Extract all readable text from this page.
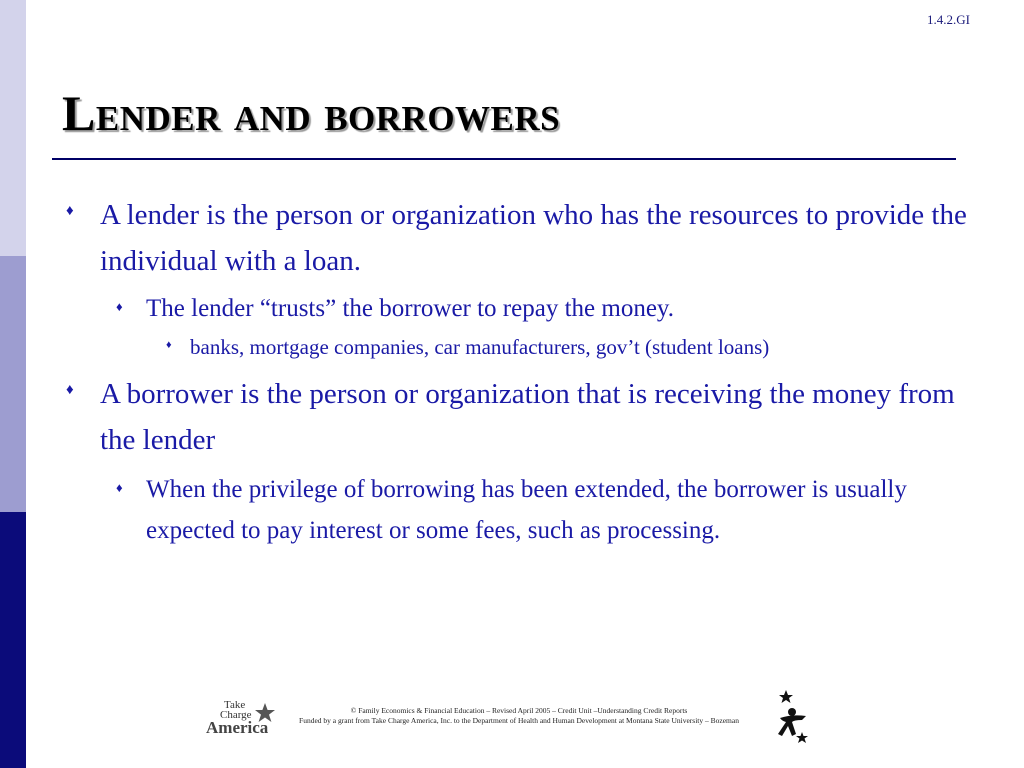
1.4.2.GI
Lender and borrowers

♦ A lender is the person or organization who has the resources to provide the individual with a loan.

♦ The lender “trusts” the borrower to repay the money.

♦ banks, mortgage companies, car manufacturers, gov’t (student loans)

♦ A borrower is the person or organization that is receiving the money from the lender

♦ When the privilege of borrowing has been extended, the borrower is usually expected to pay interest or some fees, such as processing.

Take
Charge
America
© Family Economics & Financial Education – Revised April 2005 – Credit Unit –Understanding Credit Reports
Funded by a grant from Take Charge America, Inc. to the Department of Health and Human Development at Montana State University – Bozeman
